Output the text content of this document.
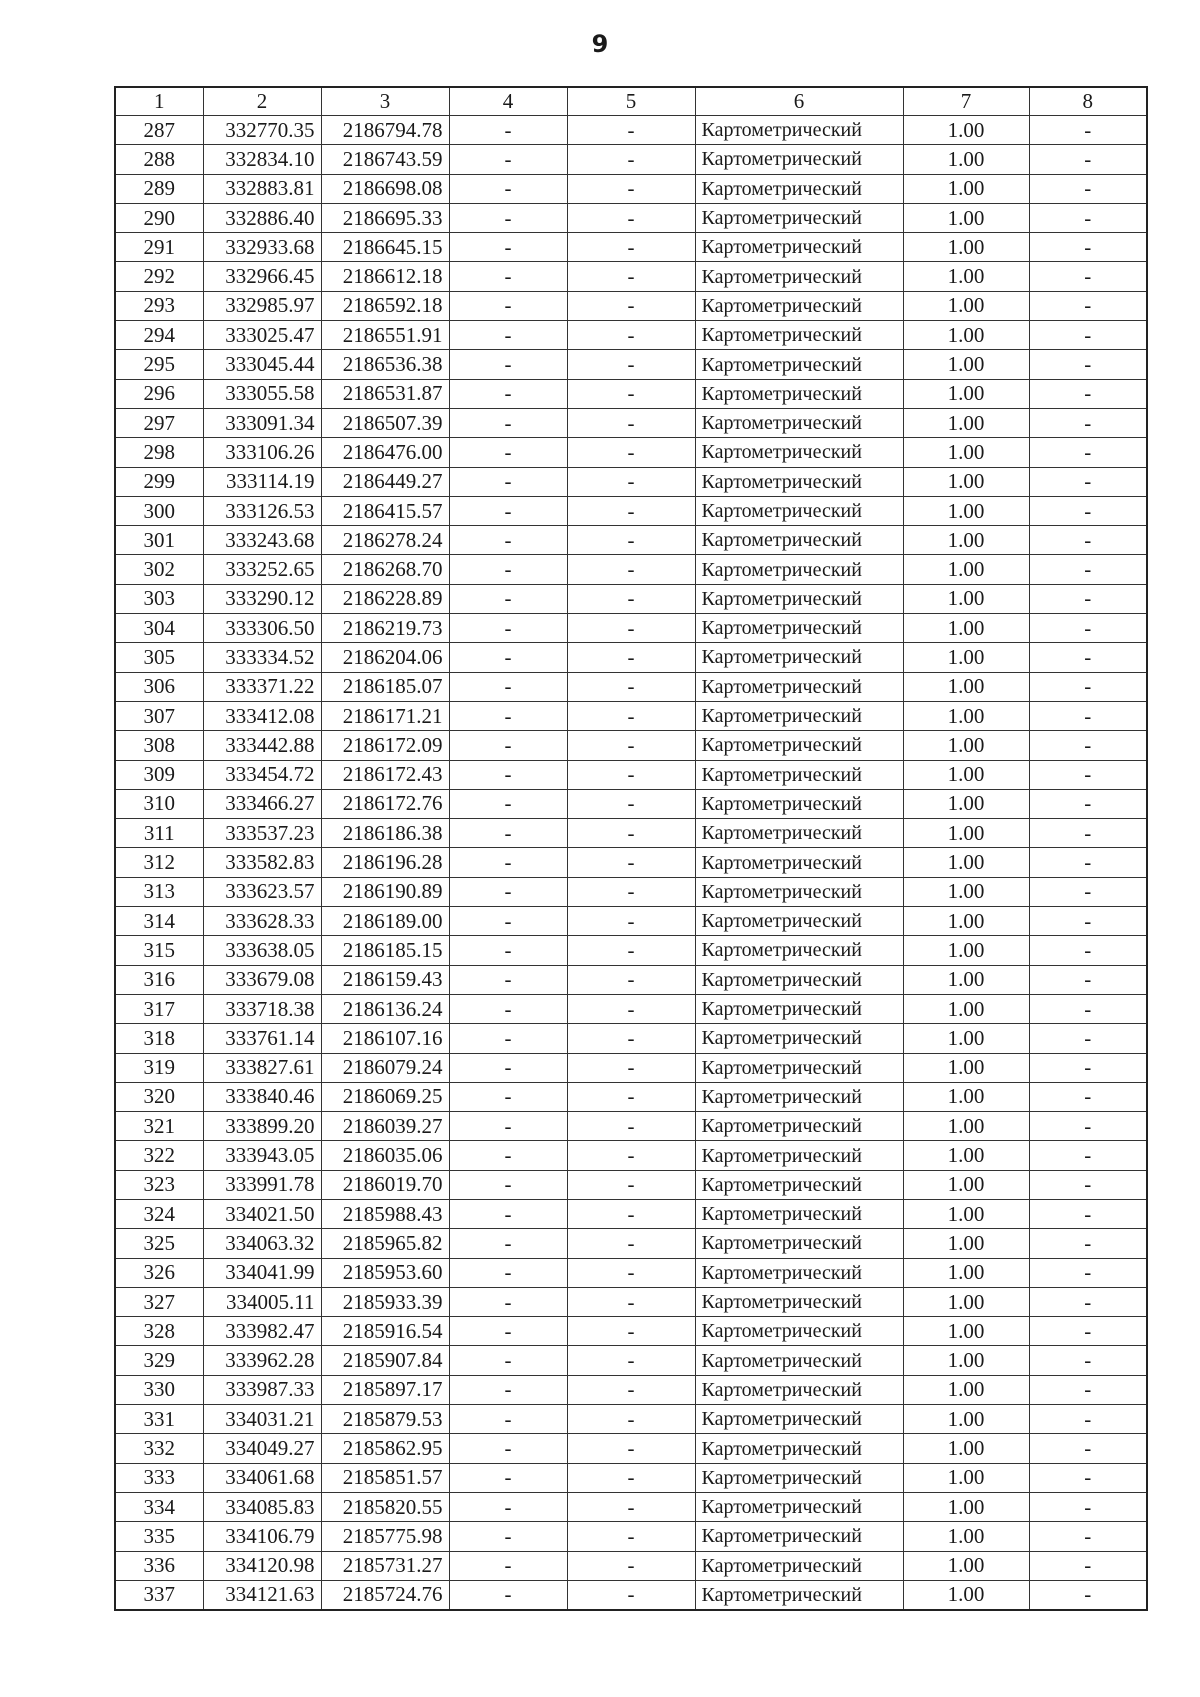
9
1	2	3	4	5	6	7	8
287	332770.35	2186794.78	-	-	Картометрический	1.00	-
288	332834.10	2186743.59	-	-	Картометрический	1.00	-
289	332883.81	2186698.08	-	-	Картометрический	1.00	-
290	332886.40	2186695.33	-	-	Картометрический	1.00	-
291	332933.68	2186645.15	-	-	Картометрический	1.00	-
292	332966.45	2186612.18	-	-	Картометрический	1.00	-
293	332985.97	2186592.18	-	-	Картометрический	1.00	-
294	333025.47	2186551.91	-	-	Картометрический	1.00	-
295	333045.44	2186536.38	-	-	Картометрический	1.00	-
296	333055.58	2186531.87	-	-	Картометрический	1.00	-
297	333091.34	2186507.39	-	-	Картометрический	1.00	-
298	333106.26	2186476.00	-	-	Картометрический	1.00	-
299	333114.19	2186449.27	-	-	Картометрический	1.00	-
300	333126.53	2186415.57	-	-	Картометрический	1.00	-
301	333243.68	2186278.24	-	-	Картометрический	1.00	-
302	333252.65	2186268.70	-	-	Картометрический	1.00	-
303	333290.12	2186228.89	-	-	Картометрический	1.00	-
304	333306.50	2186219.73	-	-	Картометрический	1.00	-
305	333334.52	2186204.06	-	-	Картометрический	1.00	-
306	333371.22	2186185.07	-	-	Картометрический	1.00	-
307	333412.08	2186171.21	-	-	Картометрический	1.00	-
308	333442.88	2186172.09	-	-	Картометрический	1.00	-
309	333454.72	2186172.43	-	-	Картометрический	1.00	-
310	333466.27	2186172.76	-	-	Картометрический	1.00	-
311	333537.23	2186186.38	-	-	Картометрический	1.00	-
312	333582.83	2186196.28	-	-	Картометрический	1.00	-
313	333623.57	2186190.89	-	-	Картометрический	1.00	-
314	333628.33	2186189.00	-	-	Картометрический	1.00	-
315	333638.05	2186185.15	-	-	Картометрический	1.00	-
316	333679.08	2186159.43	-	-	Картометрический	1.00	-
317	333718.38	2186136.24	-	-	Картометрический	1.00	-
318	333761.14	2186107.16	-	-	Картометрический	1.00	-
319	333827.61	2186079.24	-	-	Картометрический	1.00	-
320	333840.46	2186069.25	-	-	Картометрический	1.00	-
321	333899.20	2186039.27	-	-	Картометрический	1.00	-
322	333943.05	2186035.06	-	-	Картометрический	1.00	-
323	333991.78	2186019.70	-	-	Картометрический	1.00	-
324	334021.50	2185988.43	-	-	Картометрический	1.00	-
325	334063.32	2185965.82	-	-	Картометрический	1.00	-
326	334041.99	2185953.60	-	-	Картометрический	1.00	-
327	334005.11	2185933.39	-	-	Картометрический	1.00	-
328	333982.47	2185916.54	-	-	Картометрический	1.00	-
329	333962.28	2185907.84	-	-	Картометрический	1.00	-
330	333987.33	2185897.17	-	-	Картометрический	1.00	-
331	334031.21	2185879.53	-	-	Картометрический	1.00	-
332	334049.27	2185862.95	-	-	Картометрический	1.00	-
333	334061.68	2185851.57	-	-	Картометрический	1.00	-
334	334085.83	2185820.55	-	-	Картометрический	1.00	-
335	334106.79	2185775.98	-	-	Картометрический	1.00	-
336	334120.98	2185731.27	-	-	Картометрический	1.00	-
337	334121.63	2185724.76	-	-	Картометрический	1.00	-
